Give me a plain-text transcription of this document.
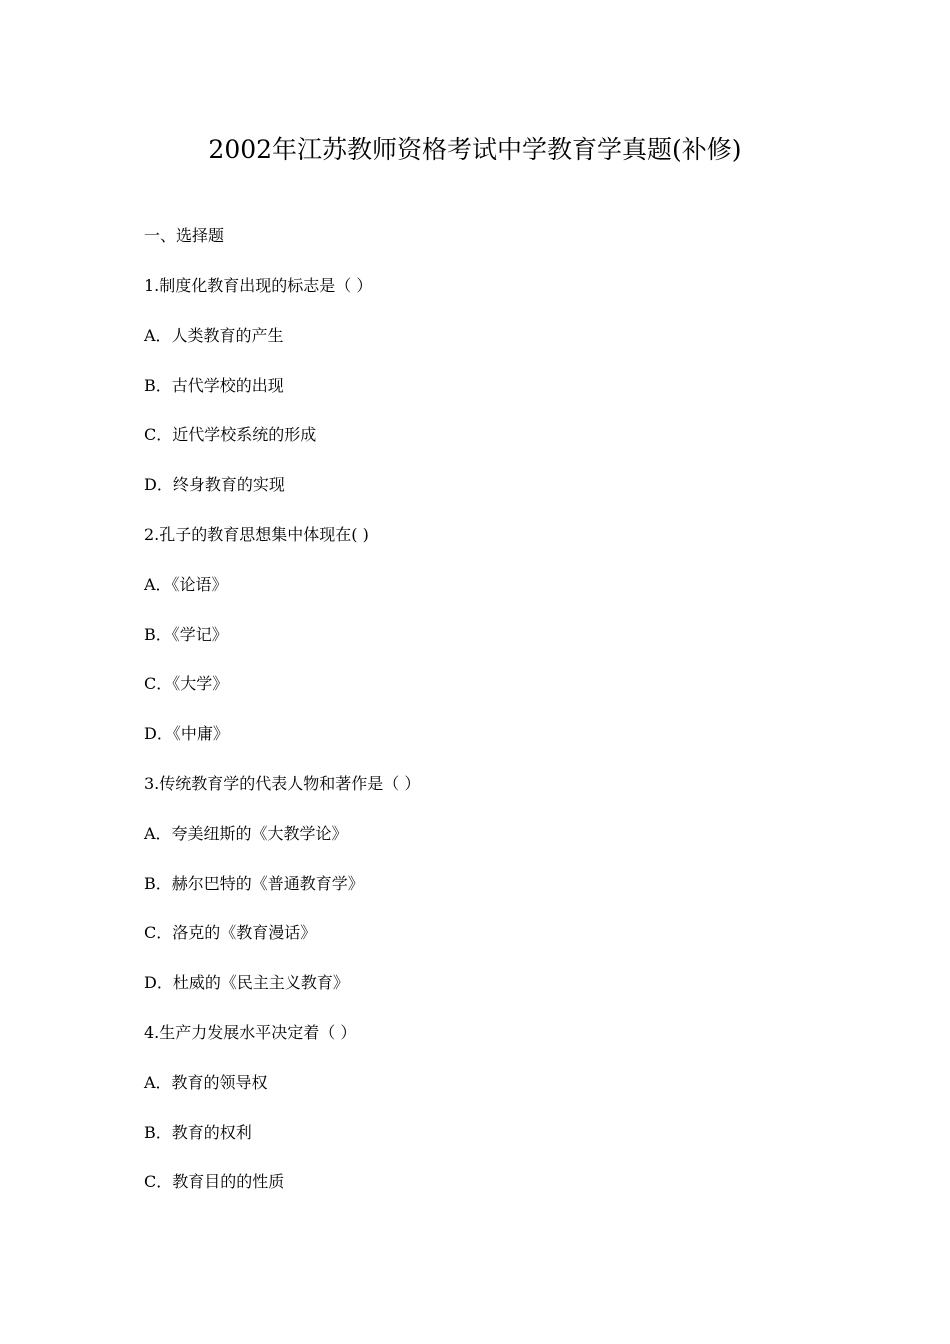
2002年江苏教师资格考试中学教育学真题(补修)
一、选择题
1.制度化教育出现的标志是（ ）
A．人类教育的产生
B．古代学校的出现
C．近代学校系统的形成
D．终身教育的实现
2.孔子的教育思想集中体现在( )
A．《论语》
B．《学记》
C．《大学》
D．《中庸》
3.传统教育学的代表人物和著作是（ ）
A．夸美纽斯的《大教学论》
B．赫尔巴特的《普通教育学》
C．洛克的《教育漫话》
D．杜威的《民主主义教育》
4.生产力发展水平决定着（ ）
A．教育的领导权
B．教育的权利
C．教育目的的性质
